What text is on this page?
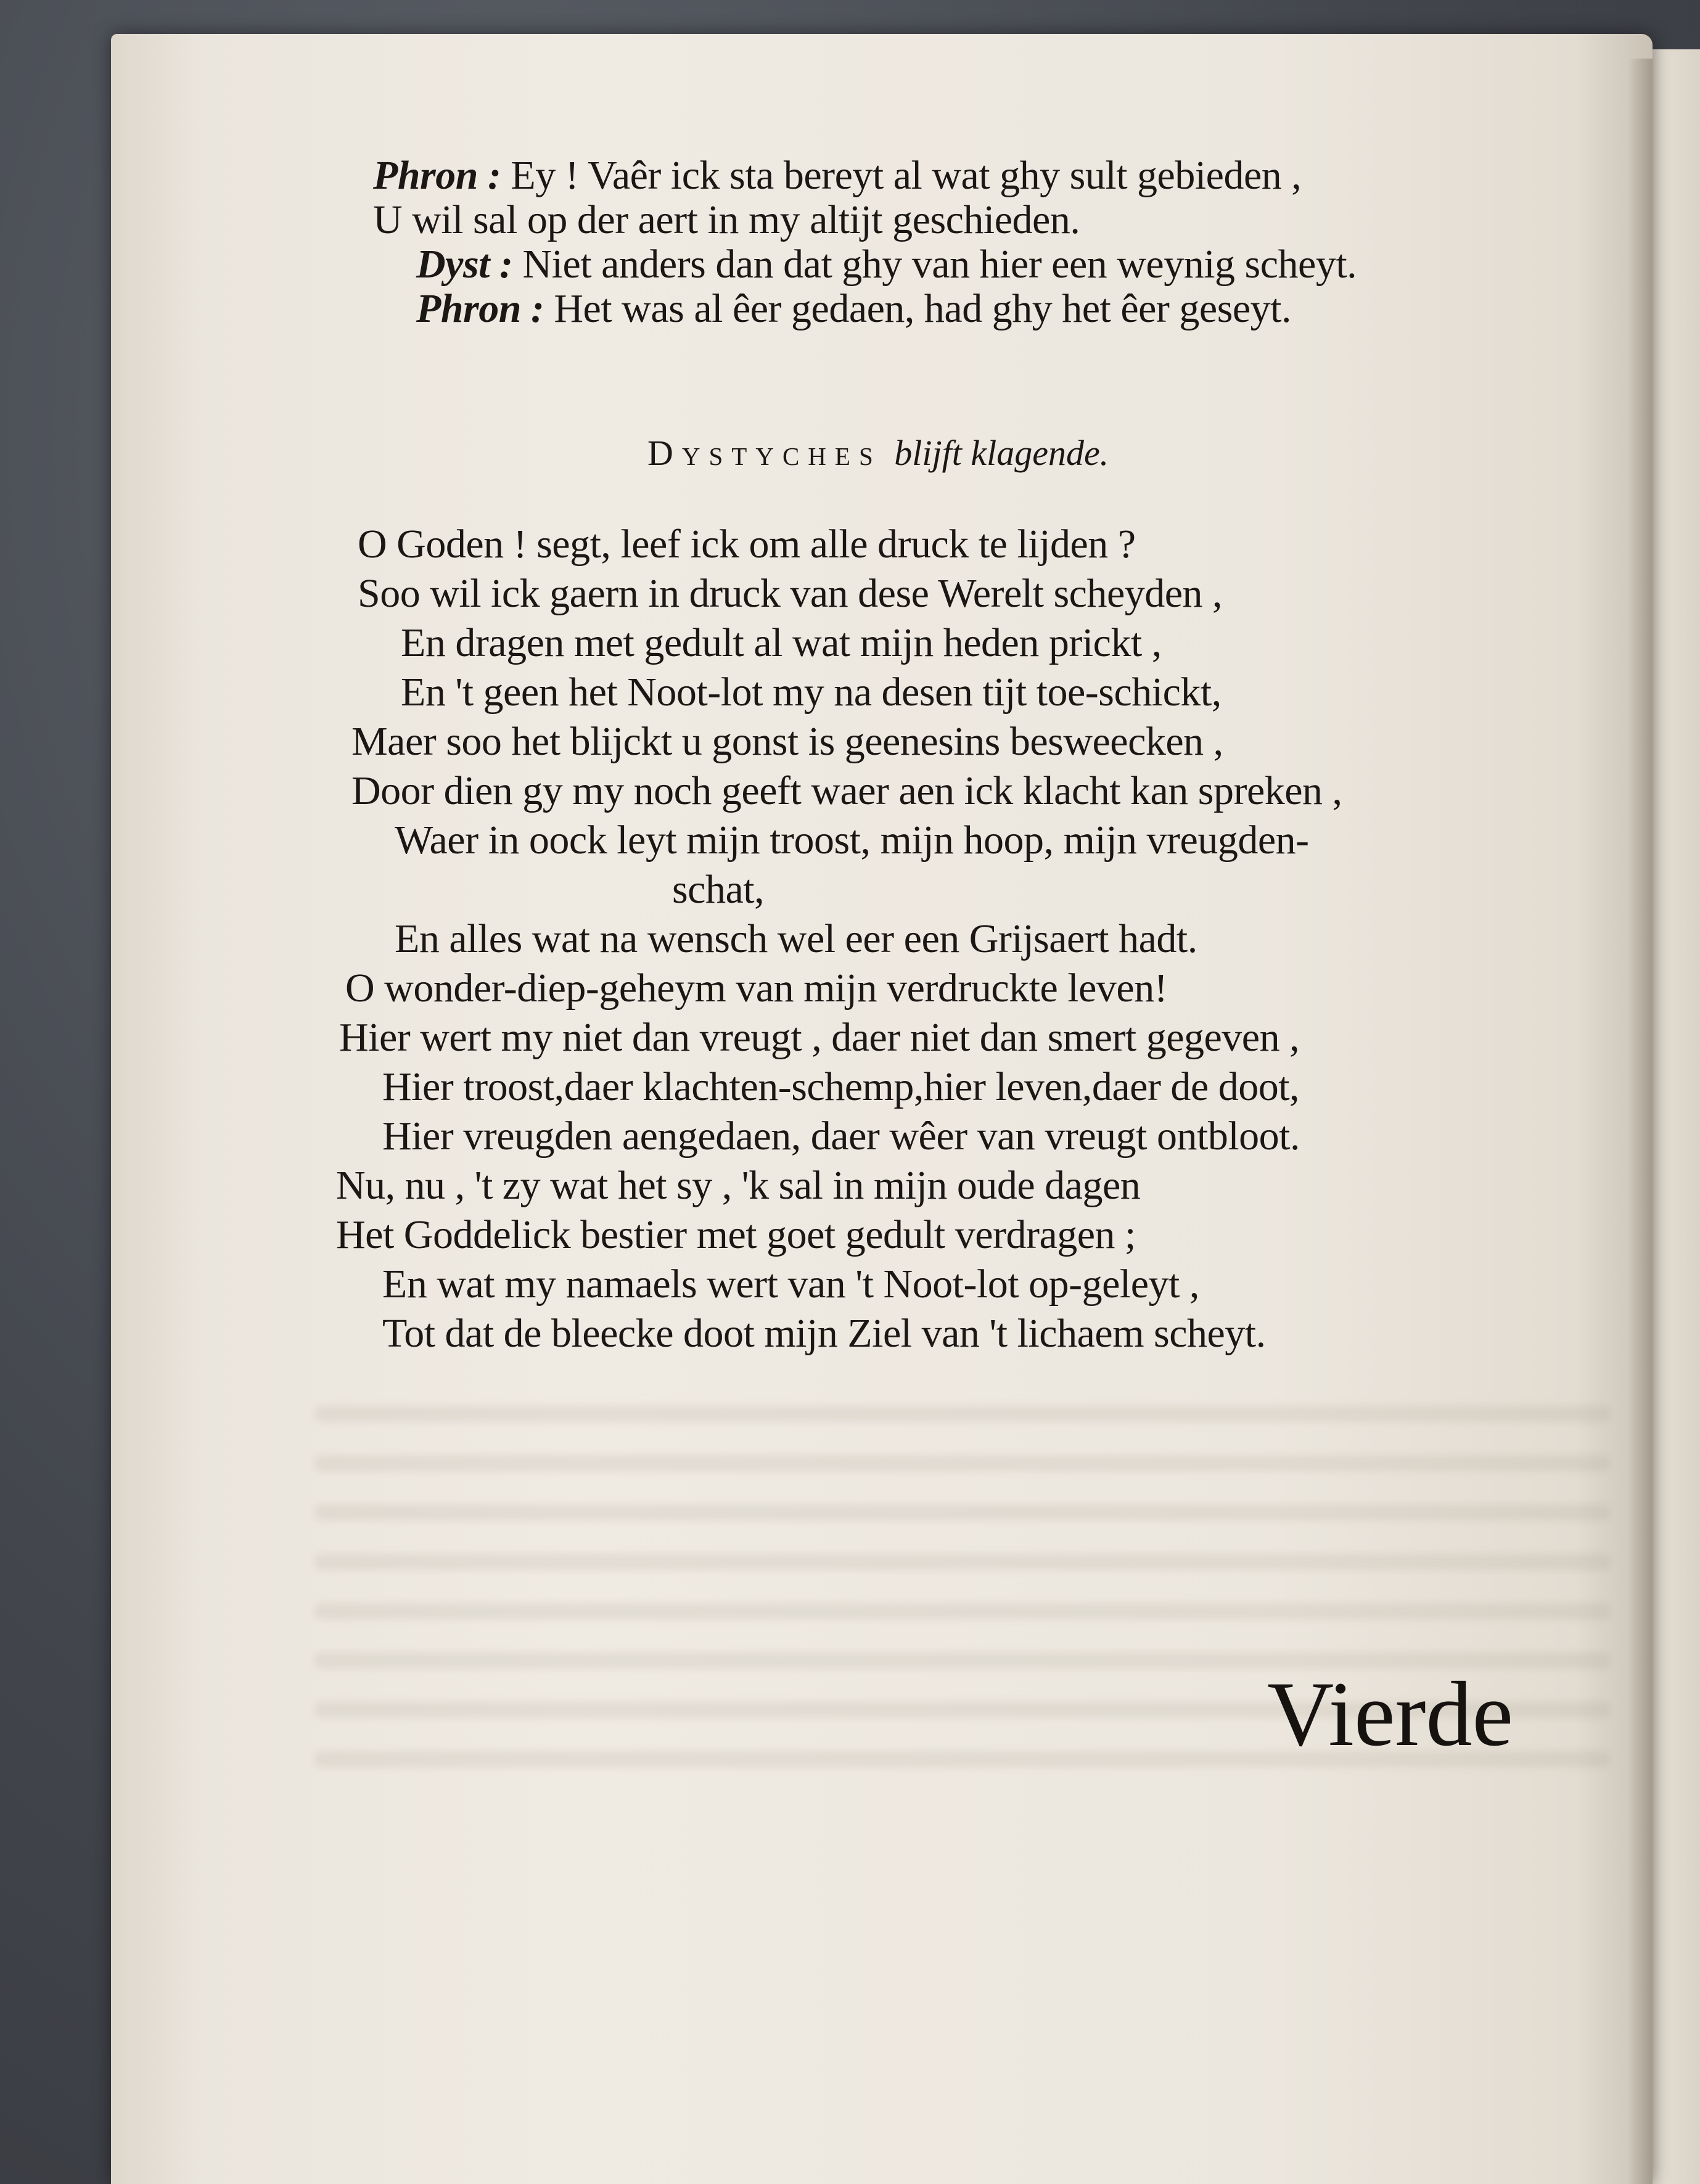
Phron : Ey ! Vaêr ick sta bereyt al wat ghy sult gebieden ,
U wil sal op der aert in my altijt geschieden.
Dyst : Niet anders dan dat ghy van hier een weynig scheyt.
Phron : Het was al êer gedaen, had ghy het êer geseyt.
Dystyches blijft klagende.
O Goden ! segt, leef ick om alle druck te lijden ?
Soo wil ick gaern in druck van dese Werelt scheyden ,
En dragen met gedult al wat mijn heden prickt ,
En 't geen het Noot-lot my na desen tijt toe-schickt,
Maer soo het blijckt u gonst is geenesins besweecken ,
Door dien gy my noch geeft waer aen ick klacht kan spreken ,
Waer in oock leyt mijn troost, mijn hoop, mijn vreugden-
schat,
En alles wat na wensch wel eer een Grijsaert hadt.
O wonder-diep-geheym van mijn verdruckte leven!
Hier wert my niet dan vreugt , daer niet dan smert gegeven ,
Hier troost,daer klachten-schemp,hier leven,daer de doot,
Hier vreugden aengedaen, daer wêer van vreugt ontbloot.
Nu, nu , 't zy wat het sy , 'k sal in mijn oude dagen
Het Goddelick bestier met goet gedult verdragen ;
En wat my namaels wert van 't Noot-lot op-geleyt ,
Tot dat de bleecke doot mijn Ziel van 't lichaem scheyt.
Vierde
